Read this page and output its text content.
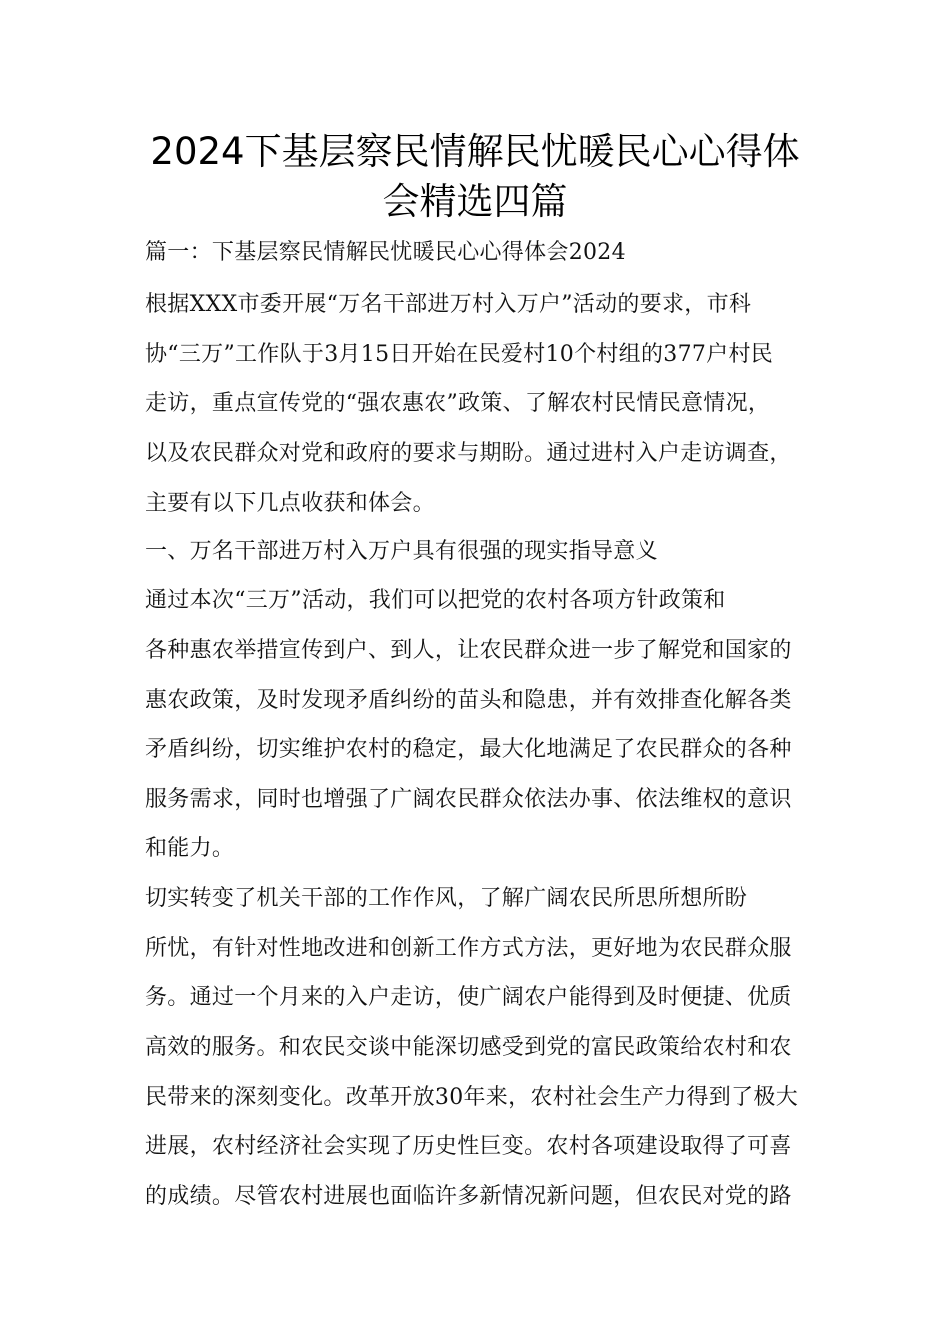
2024下基层察民情解民忧暖民心心得体
会精选四篇
篇一：下基层察民情解民忧暖民心心得体会2024
根据XXX市委开展“万名干部进万村入万户”活动的要求，市科
协“三万”工作队于3月15日开始在民爱村10个村组的377户村民
走访，重点宣传党的“强农惠农”政策、了解农村民情民意情况，
以及农民群众对党和政府的要求与期盼。通过进村入户走访调查，
主要有以下几点收获和体会。
一、万名干部进万村入万户具有很强的现实指导意义
通过本次“三万”活动，我们可以把党的农村各项方针政策和
各种惠农举措宣传到户、到人，让农民群众进一步了解党和国家的
惠农政策，及时发现矛盾纠纷的苗头和隐患，并有效排查化解各类
矛盾纠纷，切实维护农村的稳定，最大化地满足了农民群众的各种
服务需求，同时也增强了广阔农民群众依法办事、依法维权的意识
和能力。
切实转变了机关干部的工作作风，了解广阔农民所思所想所盼
所忧，有针对性地改进和创新工作方式方法，更好地为农民群众服
务。通过一个月来的入户走访，使广阔农户能得到及时便捷、优质
高效的服务。和农民交谈中能深切感受到党的富民政策给农村和农
民带来的深刻变化。改革开放30年来，农村社会生产力得到了极大
进展，农村经济社会实现了历史性巨变。农村各项建设取得了可喜
的成绩。尽管农村进展也面临许多新情况新问题，但农民对党的路
